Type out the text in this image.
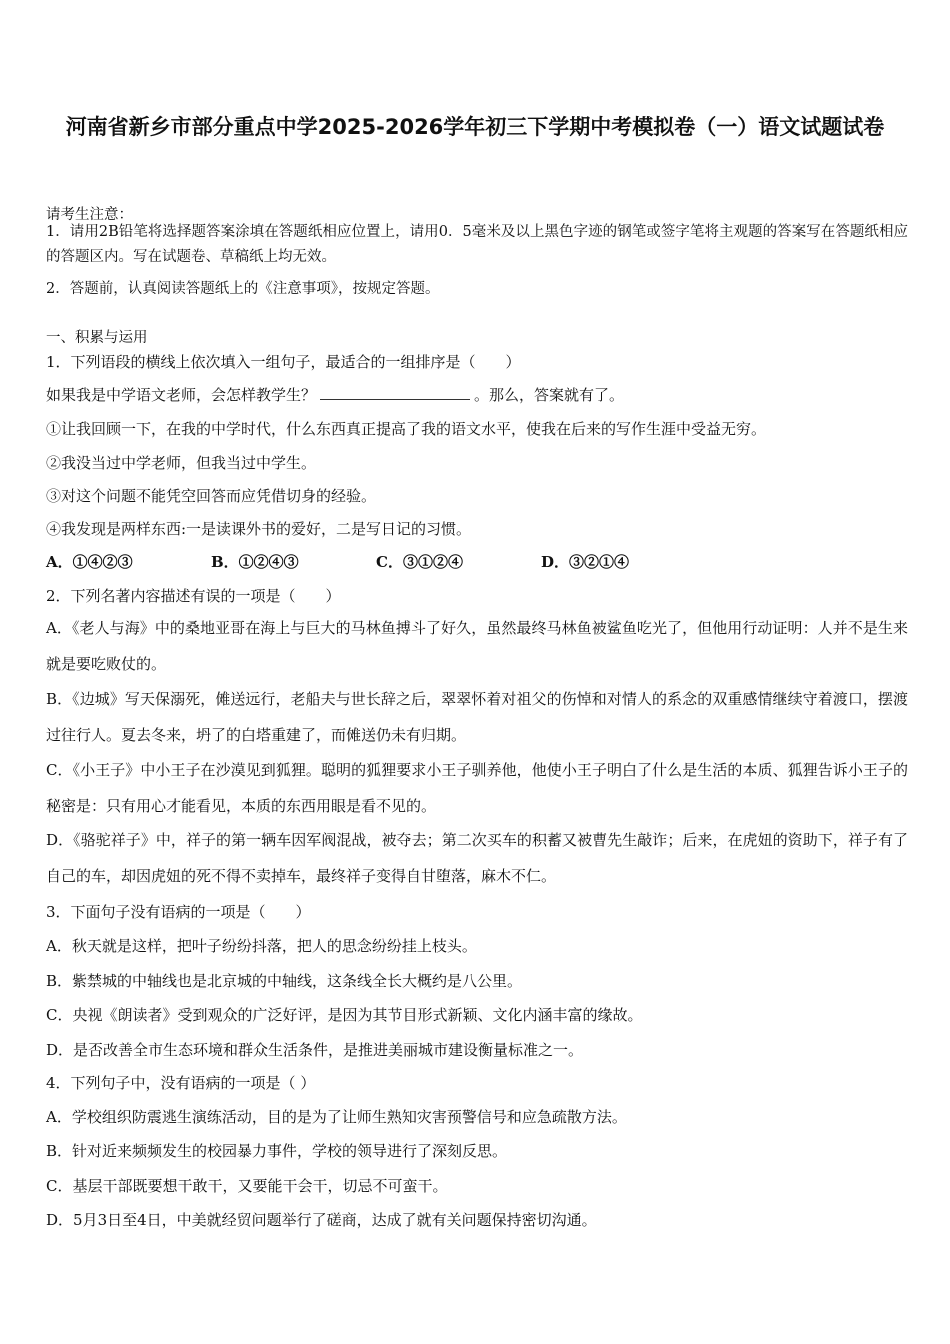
河南省新乡市部分重点中学2025-2026学年初三下学期中考模拟卷（一）语文试题试卷
请考生注意：
1．请用2B铅笔将选择题答案涂填在答题纸相应位置上，请用0．5毫米及以上黑色字迹的钢笔或签字笔将主观题的答案写在答题纸相应的答题区内。写在试题卷、草稿纸上均无效。
2．答题前，认真阅读答题纸上的《注意事项》，按规定答题。
一、积累与运用
1．下列语段的横线上依次填入一组句子，最适合的一组排序是（　　）
如果我是中学语文老师，会怎样教学生？	。那么，答案就有了。
①让我回顾一下，在我的中学时代，什么东西真正提高了我的语文水平，使我在后来的写作生涯中受益无穷。
②我没当过中学老师，但我当过中学生。
③对这个问题不能凭空回答而应凭借切身的经验。
④我发现是两样东西:一是读课外书的爱好，二是写日记的习惯。
A．①④②③	B．①②④③	C．③①②④	D．③②①④
2．下列名著内容描述有误的一项是（　　）
A．《老人与海》中的桑地亚哥在海上与巨大的马林鱼搏斗了好久，虽然最终马林鱼被鲨鱼吃光了，但他用行动证明：人并不是生来就是要吃败仗的。
B．《边城》写天保溺死，傩送远行，老船夫与世长辞之后，翠翠怀着对祖父的伤悼和对情人的系念的双重感情继续守着渡口，摆渡过往行人。夏去冬来，坍了的白塔重建了，而傩送仍未有归期。
C．《小王子》中小王子在沙漠见到狐狸。聪明的狐狸要求小王子驯养他，他使小王子明白了什么是生活的本质、狐狸告诉小王子的秘密是：只有用心才能看见，本质的东西用眼是看不见的。
D．《骆驼祥子》中，祥子的第一辆车因军阀混战，被夺去；第二次买车的积蓄又被曹先生敲诈；后来，在虎妞的资助下，祥子有了自己的车，却因虎妞的死不得不卖掉车，最终祥子变得自甘堕落，麻木不仁。
3．下面句子没有语病的一项是（　　）
A．秋天就是这样，把叶子纷纷抖落，把人的思念纷纷挂上枝头。
B．紫禁城的中轴线也是北京城的中轴线，这条线全长大概约是八公里。
C．央视《朗读者》受到观众的广泛好评，是因为其节目形式新颖、文化内涵丰富的缘故。
D．是否改善全市生态环境和群众生活条件，是推进美丽城市建设衡量标准之一。
4．下列句子中，没有语病的一项是（ ）
A．学校组织防震逃生演练活动，目的是为了让师生熟知灾害预警信号和应急疏散方法。
B．针对近来频频发生的校园暴力事件，学校的领导进行了深刻反思。
C．基层干部既要想干敢干，又要能干会干，切忌不可蛮干。
D．5月3日至4日，中美就经贸问题举行了磋商，达成了就有关问题保持密切沟通。
